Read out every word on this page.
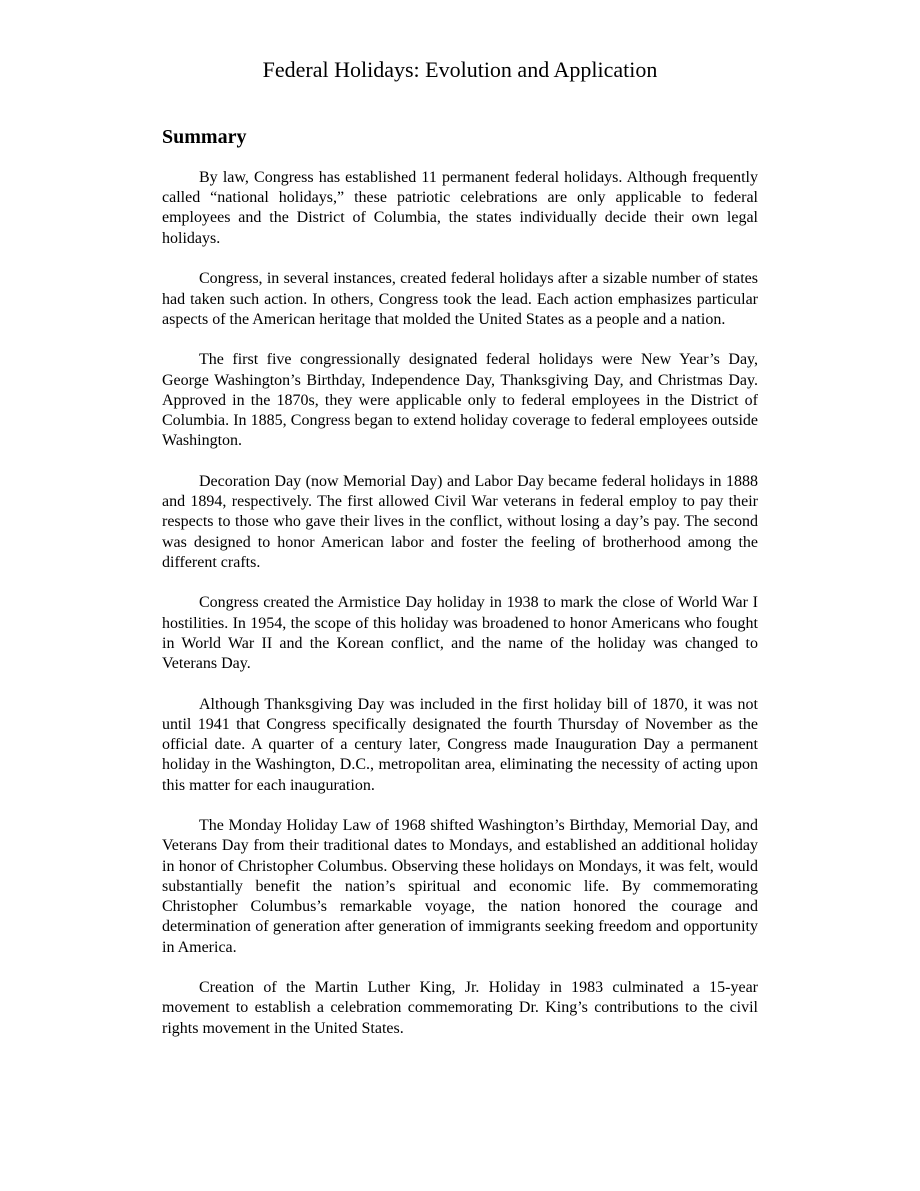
Federal Holidays: Evolution and Application
Summary

By law, Congress has established 11 permanent federal holidays. Although frequently called “national holidays,” these patriotic celebrations are only applicable to federal employees and the District of Columbia, the states individually decide their own legal holidays.

Congress, in several instances, created federal holidays after a sizable number of states had taken such action. In others, Congress took the lead. Each action emphasizes particular aspects of the American heritage that molded the United States as a people and a nation.

The first five congressionally designated federal holidays were New Year’s Day, George Washington’s Birthday, Independence Day, Thanksgiving Day, and Christmas Day. Approved in the 1870s, they were applicable only to federal employees in the District of Columbia. In 1885, Congress began to extend holiday coverage to federal employees outside Washington.

Decoration Day (now Memorial Day) and Labor Day became federal holidays in 1888 and 1894, respectively. The first allowed Civil War veterans in federal employ to pay their respects to those who gave their lives in the conflict, without losing a day’s pay. The second was designed to honor American labor and foster the feeling of brotherhood among the different crafts.

Congress created the Armistice Day holiday in 1938 to mark the close of World War I hostilities. In 1954, the scope of this holiday was broadened to honor Americans who fought in World War II and the Korean conflict, and the name of the holiday was changed to Veterans Day.

Although Thanksgiving Day was included in the first holiday bill of 1870, it was not until 1941 that Congress specifically designated the fourth Thursday of November as the official date. A quarter of a century later, Congress made Inauguration Day a permanent holiday in the Washington, D.C., metropolitan area, eliminating the necessity of acting upon this matter for each inauguration.

The Monday Holiday Law of 1968 shifted Washington’s Birthday, Memorial Day, and Veterans Day from their traditional dates to Mondays, and established an additional holiday in honor of Christopher Columbus. Observing these holidays on Mondays, it was felt, would substantially benefit the nation’s spiritual and economic life. By commemorating Christopher Columbus’s remarkable voyage, the nation honored the courage and determination of generation after generation of immigrants seeking freedom and opportunity in America.

Creation of the Martin Luther King, Jr. Holiday in 1983 culminated a 15-year movement to establish a celebration commemorating Dr. King’s contributions to the civil rights movement in the United States.
